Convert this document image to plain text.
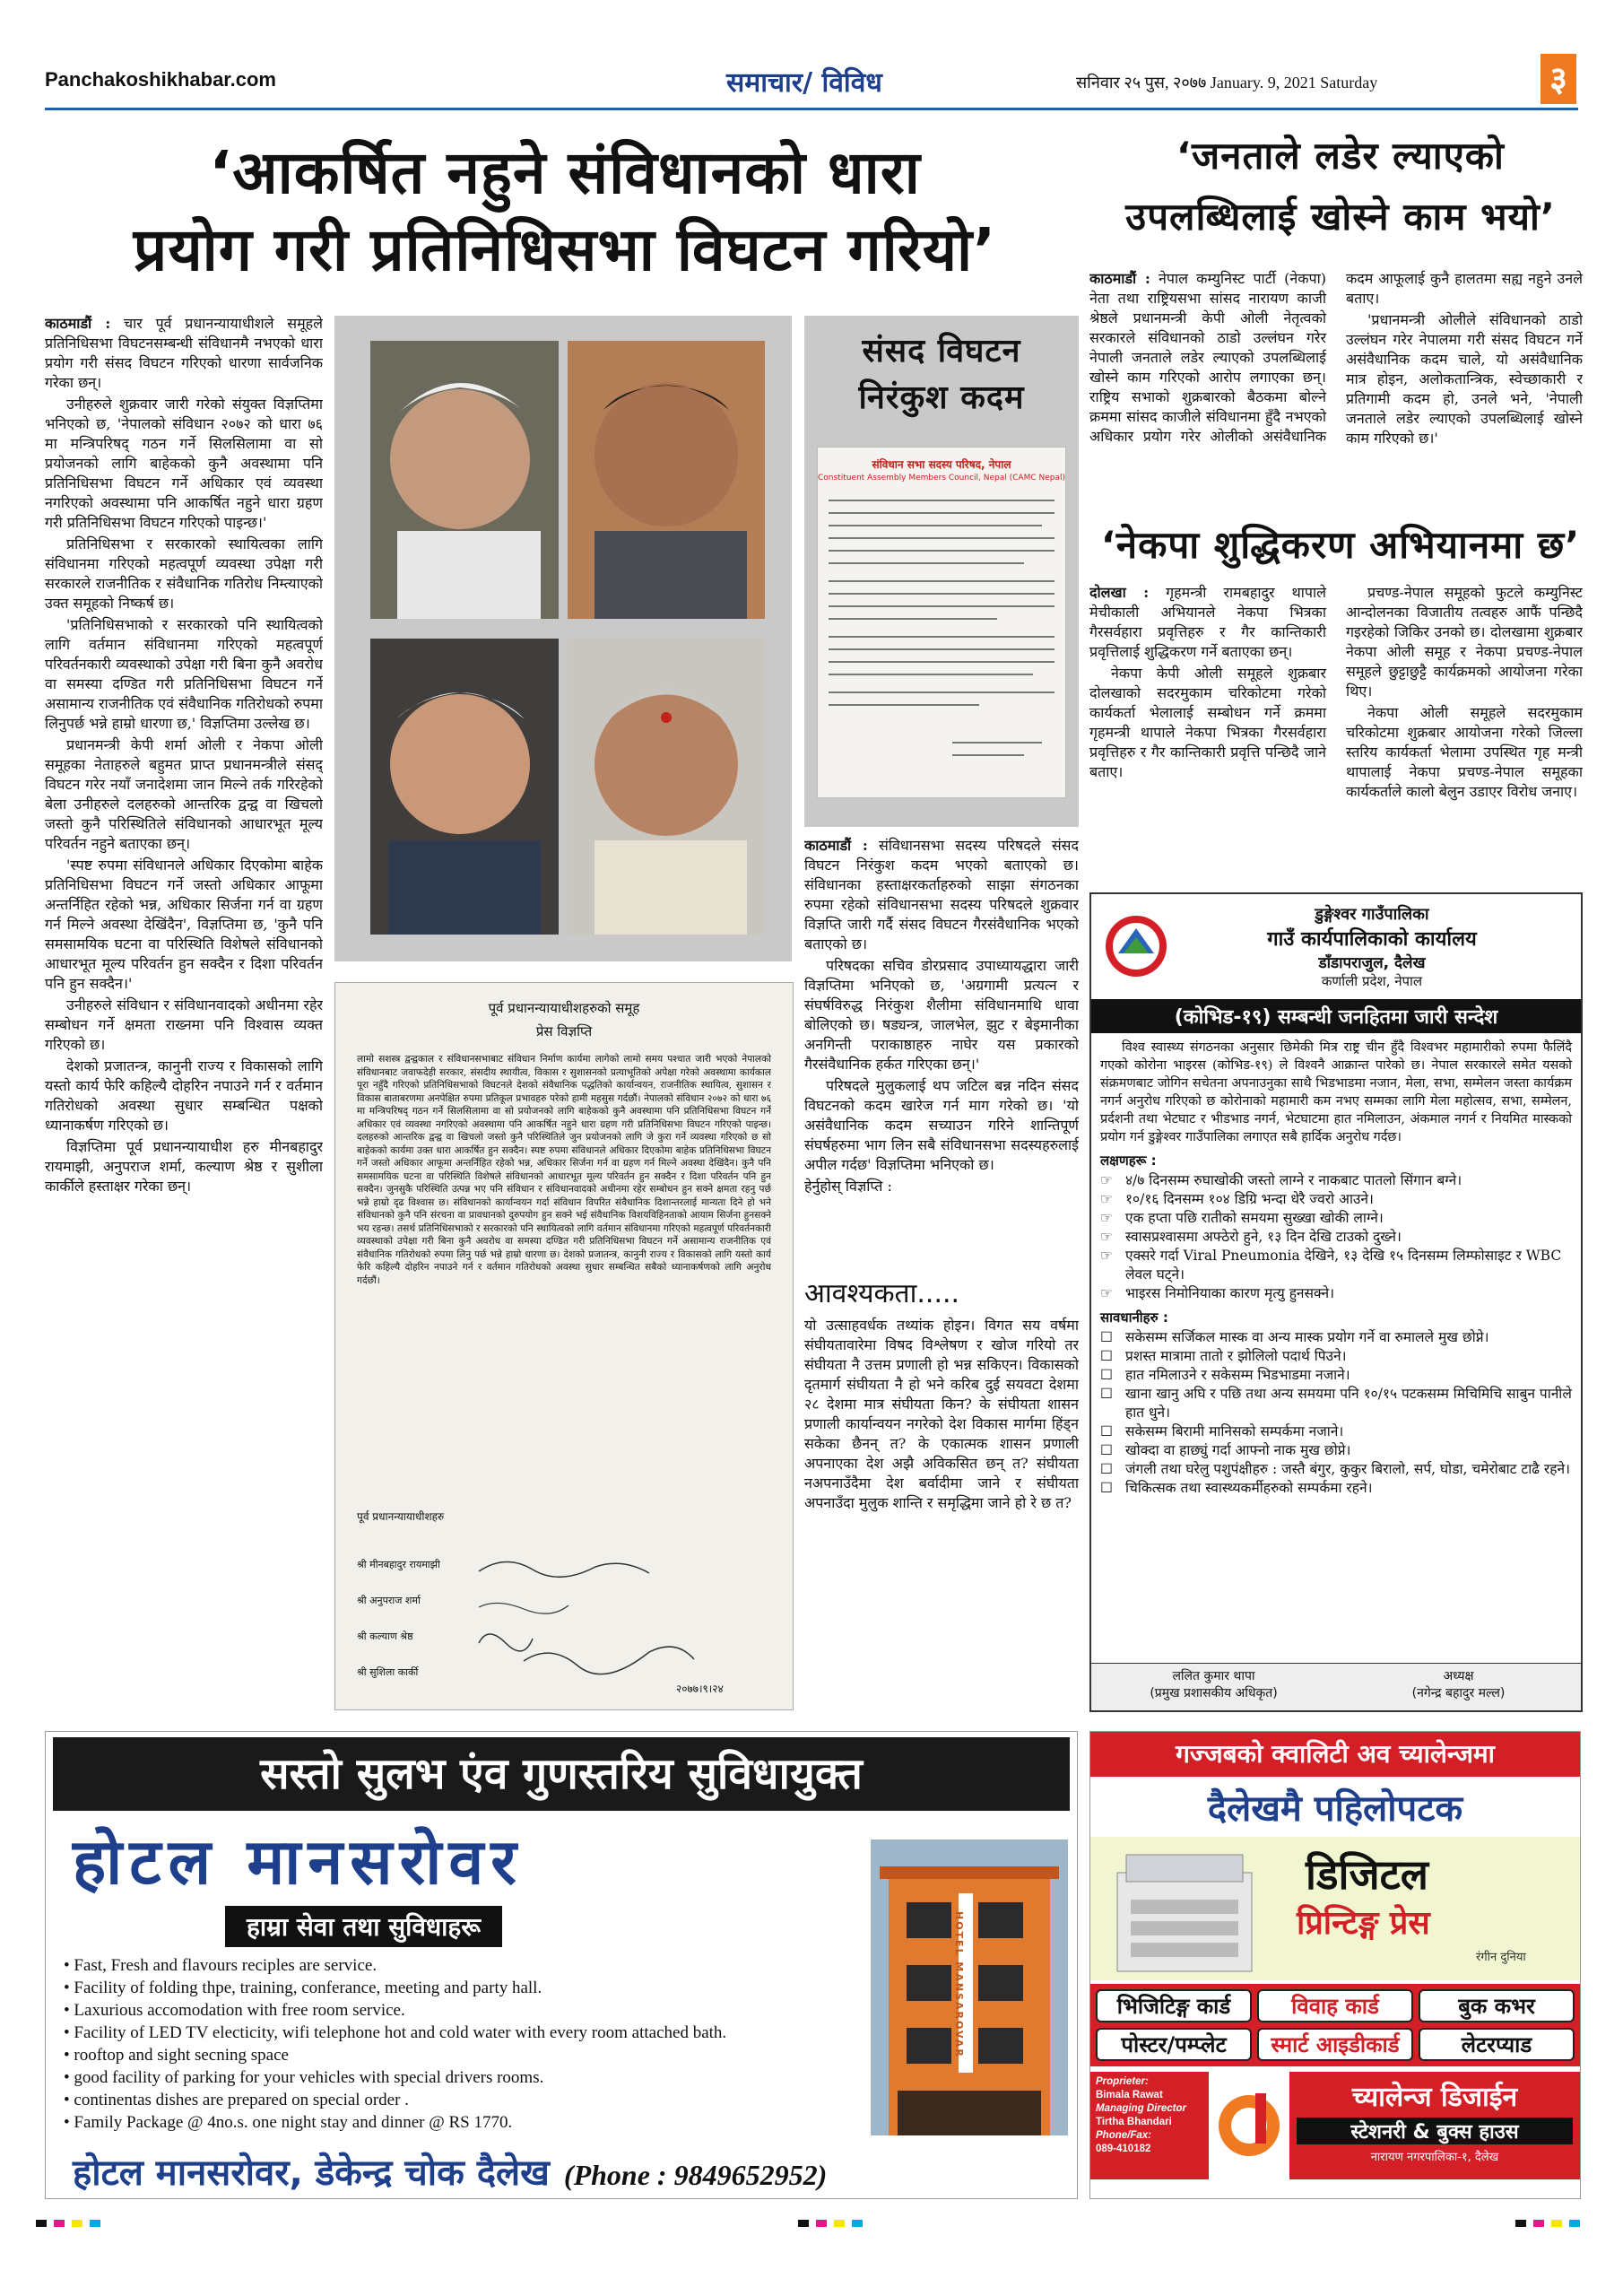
Panchakoshikhabar.com	समाचार/ विविध	सनिवार २५ पुस, २०७७ January. 9, 2021 Saturday	३
‘आकर्षित नहुने संविधानको धारा
प्रयोग गरी प्रतिनिधिसभा विघटन गरियो’

काठमाडौं : चार पूर्व प्रधानन्यायाधीशले समूहले प्रतिनिधिसभा विघटनसम्बन्धी संविधानमै नभएको धारा प्रयोग गरी संसद विघटन गरिएको धारणा सार्वजनिक गरेका छन्।

उनीहरुले शुक्रवार जारी गरेको संयुक्त विज्ञप्तिमा भनिएको छ, 'नेपालको संविधान २०७२ को धारा ७६ मा मन्त्रिपरिषद् गठन गर्ने सिलसिलामा वा सो प्रयोजनको लागि बाहेकको कुनै अवस्थामा पनि प्रतिनिधिसभा विघटन गर्ने अधिकार एवं व्यवस्था नगरिएको अवस्थामा पनि आकर्षित नहुने धारा ग्रहण गरी प्रतिनिधिसभा विघटन गरिएको पाइन्छ।'

प्रतिनिधिसभा र सरकारको स्थायित्वका लागि संविधानमा गरिएको महत्वपूर्ण व्यवस्था उपेक्षा गरी सरकारले राजनीतिक र संवैधानिक गतिरोध निम्त्याएको उक्त समूहको निष्कर्ष छ।

'प्रतिनिधिसभाको र सरकारको पनि स्थायित्वको लागि वर्तमान संविधानमा गरिएको महत्वपूर्ण परिवर्तनकारी व्यवस्थाको उपेक्षा गरी बिना कुनै अवरोध वा समस्या दण्डित गरी प्रतिनिधिसभा विघटन गर्ने असामान्य राजनीतिक एवं संवैधानिक गतिरोधको रुपमा लिनुपर्छ भन्ने हाम्रो धारणा छ,' विज्ञप्तिमा उल्लेख छ।

प्रधानमन्त्री केपी शर्मा ओली र नेकपा ओली समूहका नेताहरुले बहुमत प्राप्त प्रधानमन्त्रीले संसद् विघटन गरेर नयाँ जनादेशमा जान मिल्ने तर्क गरिरहेको बेला उनीहरुले दलहरुको आन्तरिक द्वन्द्व वा खिचलो जस्तो कुनै परिस्थितिले संविधानको आधारभूत मूल्य परिवर्तन नहुने बताएका छन्।

'स्पष्ट रुपमा संविधानले अधिकार दिएकोमा बाहेक प्रतिनिधिसभा विघटन गर्ने जस्तो अधिकार आफूमा अन्तर्निहित रहेको भन्न, अधिकार सिर्जना गर्न वा ग्रहण गर्न मिल्ने अवस्था देखिंदैन', विज्ञप्तिमा छ, 'कुनै पनि समसामयिक घटना वा परिस्थिति विशेषले संविधानको आधारभूत मूल्य परिवर्तन हुन सक्दैन र दिशा परिवर्तन पनि हुन सक्दैन।'

उनीहरुले संविधान र संविधानवादको अधीनमा रहेर सम्बोधन गर्ने क्षमता राख्नमा पनि विश्वास व्यक्त गरिएको छ।

देशको प्रजातन्त्र, कानुनी राज्य र विकासको लागि यस्तो कार्य फेरि कहिल्यै दोहरिन नपाउने गर्न र वर्तमान गतिरोधको अवस्था सुधार सम्बन्धित पक्षको ध्यानाकर्षण गरिएको छ।

विज्ञप्तिमा पूर्व प्रधानन्यायाधीश हरु मीनबहादुर रायमाझी, अनुपराज शर्मा, कल्याण श्रेष्ठ र सुशीला कार्कीले हस्ताक्षर गरेका छन्।

पूर्व प्रधानन्यायाधीशहरुको समूह
प्रेस विज्ञप्ति
लामो सशस्त्र द्वन्द्वकाल र संविधानसभाबाट संविधान निर्माण कार्यमा लागेको लामो समय पश्चात जारी भएको नेपालको संविधानबाट जवाफदेही सरकार, संसदीय स्थायीत्व, विकास र सुशासनको प्रत्याभूतिको अपेक्षा गरेको अवस्थामा कार्यकाल पूरा नहुँदै गरिएको प्रतिनिधिसभाको विघटनले देशको संवैधानिक पद्धतिको कार्यान्वयन, राजनीतिक स्थायित्व, सुशासन र विकास बाताबरणमा अनपेक्षित रुपमा प्रतिकूल प्रभावहरु परेको हामी महसुस गर्दछौं। नेपालको संविधान २०७२ को धारा ७६ मा मन्त्रिपरिषद् गठन गर्ने सिलसिलामा वा सो प्रयोजनको लागि बाहेकको कुनै अवस्थामा पनि प्रतिनिधिसभा विघटन गर्ने अधिकार एवं व्यवस्था नगरिएको अवस्थामा पनि आकर्षित नहुने धारा ग्रहण गरी प्रतिनिधिसभा विघटन गरिएको पाइन्छ। दलहरुको आन्तरिक द्वन्द्व वा खिचलो जस्तो कुनै परिस्थितिले जुन प्रयोजनको लागि जे कुरा गर्ने व्यवस्था गरिएको छ सो बाहेकको कार्यमा उक्त धारा आकर्षित हुन सक्दैन। स्पष्ट रुपमा संविधानले अधिकार दिएकोमा बाहेक प्रतिनिधिसभा विघटन गर्ने जस्तो अधिकार आफूमा अन्तर्निहित रहेको भन्न, अधिकार सिर्जना गर्न वा ग्रहण गर्न मिल्ने अवस्था देखिंदैन। कुनै पनि समसामयिक घटना वा परिस्थिति विशेषले संविधानको आधारभूत मूल्य परिवर्तन हुन सक्दैन र दिशा परिवर्तन पनि हुन सक्दैन। जुनसुकै परिस्थिति उत्पन्न भए पनि संविधान र संविधानवादको अधीनमा रहेर सम्बोधन हुन सक्ने क्षमता रहनु पर्छ भन्ने हाम्रो दृढ विश्वास छ। संविधानको कार्यान्वयन गर्दा संविधान विपरित संवैधानिक दिशान्तरलाई मान्यता दिने हो भने संविधानको कुनै पनि संरचना वा प्रावधानको दुरुपयोग हुन सक्ने भई संवैधानिक विशयविहिनताको आयाम सिर्जना हुनसक्ने भय रहन्छ। तसर्थ प्रतिनिधिसभाको र सरकारको पनि स्थायित्वको लागि वर्तमान संविधानमा गरिएको महत्वपूर्ण परिवर्तनकारी व्यवस्थाको उपेक्षा गरी बिना कुनै अवरोध वा समस्या दण्डित गरी प्रतिनिधिसभा विघटन गर्ने असामान्य राजनीतिक एवं संवैधानिक गतिरोधको रुपमा लिनु पर्छ भन्ने हाम्रो धारणा छ। देशको प्रजातन्त्र, कानुनी राज्य र विकासको लागि यस्तो कार्य फेरि कहिल्यै दोहरिन नपाउने गर्न र वर्तमान गतिरोधको अवस्था सुधार सम्बन्धित सबैको ध्यानाकर्षणको लागि अनुरोध गर्दछौं।
पूर्व प्रधानन्यायाधीशहरु
श्री मीनबहादुर रायमाझी
श्री अनुपराज शर्मा
श्री कल्याण श्रेष्ठ
श्री सुशिला कार्की
२०७७।९।२४
संसद विघटन
निरंकुश कदम
संविधान सभा सदस्य परिषद, नेपाल
Constituent Assembly Members Council, Nepal (CAMC Nepal)

काठमाडौं : संविधानसभा सदस्य परिषदले संसद विघटन निरंकुश कदम भएको बताएको छ। संविधानका हस्ताक्षरकर्ताहरुको साझा संगठनका रुपमा रहेको संविधानसभा सदस्य परिषदले शुक्रवार विज्ञप्ति जारी गर्दै संसद विघटन गैरसंवैधानिक भएको बताएको छ।

परिषदका सचिव डोरप्रसाद उपाध्यायद्धारा जारी विज्ञप्तिमा भनिएको छ, 'अग्रगामी प्रत्यत्न र संघर्षविरुद्ध निरंकुश शैलीमा संविधानमाथि धावा बोलिएको छ। षड्यन्त्र, जालभेल, झुट र बेइमानीका अनगिन्ती पराकाष्ठाहरु नाघेर यस प्रकारको गैरसंवैधानिक हर्कत गरिएका छन्।'

परिषदले मुलुकलाई थप जटिल बन्न नदिन संसद विघटनको कदम खारेज गर्न माग गरेको छ। 'यो असंवैधानिक कदम सच्याउन गरिने शान्तिपूर्ण संघर्षहरुमा भाग लिन सबै संविधानसभा सदस्यहरुलाई अपील गर्दछ' विज्ञप्तिमा भनिएको छ।

हेर्नुहोस् विज्ञप्ति :

आवश्यकता.....
यो उत्साहवर्धक तथ्यांक होइन। विगत सय वर्षमा संघीयतावारेमा विषद विश्लेषण र खोज गरियो तर संघीयता नै उत्तम प्रणाली हो भन्न सकिएन। विकासको दृतमार्ग संघीयता नै हो भने करिब दुई सयवटा देशमा २८ देशमा मात्र संघीयता किन? के संघीयता शासन प्रणाली कार्यान्वयन नगरेको देश विकास मार्गमा हिंड्न सकेका छैनन् त? के एकात्मक शासन प्रणाली अपनाएका देश अझै अविकसित छन् त? संघीयता नअपनाउँदैमा देश बर्वादीमा जाने र संघीयता अपनाउँदा मुलुक शान्ति र समृद्धिमा जाने हो रे छ त?
‘जनताले लडेर ल्याएको
उपलब्धिलाई खोस्ने काम भयो’

काठमाडौं : नेपाल कम्युनिस्ट पार्टी (नेकपा) नेता तथा राष्ट्रियसभा सांसद नारायण काजी श्रेष्ठले प्रधानमन्त्री केपी ओली नेतृत्वको सरकारले संविधानको ठाडो उल्लंघन गरेर नेपाली जनताले लडेर ल्याएको उपलब्धिलाई खोस्ने काम गरिएको आरोप लगाएका छन्। राष्ट्रिय सभाको शुक्रबारको बैठकमा बोल्ने क्रममा सांसद काजीले संविधानमा हुँदै नभएको अधिकार प्रयोग गरेर ओलीको असंवैधानिक कदम आफूलाई कुनै हालतमा सह्य नहुने उनले बताए।

'प्रधानमन्त्री ओलीले संविधानको ठाडो उल्लंघन गरेर नेपालमा गरी संसद विघटन गर्ने असंवैधानिक कदम चाले, यो असंवैधानिक मात्र होइन, अलोकतान्त्रिक, स्वेच्छाकारी र प्रतिगामी कदम हो, उनले भने, 'नेपाली जनताले लडेर ल्याएको उपलब्धिलाई खोस्ने काम गरिएको छ।'

‘नेकपा शुद्धिकरण अभियानमा छ’

दोलखा : गृहमन्त्री रामबहादुर थापाले मेचीकाली अभियानले नेकपा भित्रका गैरसर्वहारा प्रवृत्तिहरु र गैर कान्तिकारी प्रवृत्तिलाई शुद्धिकरण गर्ने बताएका छन्।

नेकपा केपी ओली समूहले शुक्रबार दोलखाको सदरमुकाम चरिकोटमा गरेको कार्यकर्ता भेलालाई सम्बोधन गर्ने क्रममा गृहमन्त्री थापाले नेकपा भित्रका गैरसर्वहारा प्रवृत्तिहरु र गैर कान्तिकारी प्रवृत्ति पन्छिदै जाने बताए।

प्रचण्ड-नेपाल समूहको फुटले कम्युनिस्ट आन्दोलनका विजातीय तत्वहरु आफैं पन्छिदै गइरहेको जिकिर उनको छ। दोलखामा शुक्रबार नेकपा ओली समूह र नेकपा प्रचण्ड-नेपाल समूहले छुट्टाछुट्टै कार्यक्रमको आयोजना गरेका थिए।

नेकपा ओली समूहले सदरमुकाम चरिकोटमा शुक्रबार आयोजना गरेको जिल्ला स्तरिय कार्यकर्ता भेलामा उपस्थित गृह मन्त्री थापालाई नेकपा प्रचण्ड-नेपाल समूहका कार्यकर्ताले कालो बेलुन उडाएर विरोध जनाए।

डुङ्गेश्वर गाउँपालिका
गाउँ कार्यपालिकाको कार्यालय
डाँडापराजुल, दैलेख
कर्णाली प्रदेश, नेपाल
(कोभिड-१९) सम्बन्धी जनहितमा जारी सन्देश
विश्व स्वास्थ्य संगठनका अनुसार छिमेकी मित्र राष्ट्र चीन हुँदै विश्वभर महामारीको रुपमा फैलिंदै गएको कोरोना भाइरस (कोभिड-१९) ले विश्वनै आक्रान्त पारेको छ। नेपाल सरकारले समेत यसको संक्रमणबाट जोगिन सचेतना अपनाउनुका साथै भिडभाडमा नजान, मेला, सभा, सम्मेलन जस्ता कार्यक्रम नगर्न अनुरोध गरिएको छ कोरोनाको महामारी कम नभए सम्मका लागि मेला महोत्सव, सभा, सम्मेलन, प्रर्दशनी तथा भेटघाट र भीडभाड नगर्न, भेटघाटमा हात नमिलाउन, अंकमाल नगर्न र नियमित मास्कको प्रयोग गर्न डुङ्गेश्वर गाउँपालिका लगाएत सबै हार्दिक अनुरोध गर्दछ।
लक्षणहरू :
☞ ४/७ दिनसम्म रुघाखोकी जस्तो लाग्ने र नाकबाट पातलो सिंगान बग्ने।
☞ १०/१६ दिनसम्म १०४ डिग्रि भन्दा धेरै ज्वरो आउने।
☞ एक हप्ता पछि रातीको समयमा सुख्खा खोकी लाग्ने।
☞ स्वासप्रश्वासमा अफ्ठेरो हुने, १३ दिन देखि टाउको दुख्ने।
☞ एक्सरे गर्दा Viral Pneumonia देखिने, १३ देखि १५ दिनसम्म लिम्फोसाइट र WBC लेवल घट्ने।
☞ भाइरस निमोनियाका कारण मृत्यु हुनसक्ने।
सावधानीहरु :
☐ सकेसम्म सर्जिकल मास्क वा अन्य मास्क प्रयोग गर्ने वा रुमालले मुख छोप्ने।
☐ प्रशस्त मात्रामा तातो र झोलिलो पदार्थ पिउने।
☐ हात नमिलाउने र सकेसम्म भिडभाडमा नजाने।
☐ खाना खानु अघि र पछि तथा अन्य समयमा पनि १०/१५ पटकसम्म मिचिमिचि साबुन पानीले हात धुने।
☐ सकेसम्म बिरामी मानिसको सम्पर्कमा नजाने।
☐ खोक्दा वा हाछ्युं गर्दा आफ्नो नाक मुख छोप्ने।
☐ जंगली तथा घरेलु पशुपंक्षीहरु : जस्तै बंगुर, कुकुर बिरालो, सर्प, घोडा, चमेरोबाट टाढै रहने।
☐ चिकित्सक तथा स्वास्थ्यकर्मीहरुको सम्पर्कमा रहने।
ललित कुमार थापा
(प्रमुख प्रशासकीय अधिकृत)
अध्यक्ष
(नगेन्द्र बहादुर मल्ल)
सस्तो सुलभ एंव गुणस्तरिय सुविधायुक्त
होटल मानसरोवर
हाम्रा सेवा तथा सुविधाहरू
• Fast, Fresh and flavours reciples are service.
• Facility of folding thpe, training, conferance, meeting and party hall.
• Laxurious accomodation with free room service.
• Facility of LED TV electicity, wifi telephone hot and cold water with every room attached bath.
• rooftop and sight secning space
• good facility of parking for your vehicles with special drivers rooms.
• continentas dishes are prepared on special order .
• Family Package @ 4no.s. one night stay and dinner @ RS 1770.
HOTEL MANSAROVAR
होटल मानसरोवर, डेकेन्द्र चोक दैलेख (Phone : 9849652952)
गज्जबको क्वालिटी अव च्यालेन्जमा
दैलेखमै पहिलोपटक
डिजिटल
प्रिन्टिङ्ग प्रेस
रंगीन दुनिया
भिजिटिङ्ग कार्ड	विवाह कार्ड	बुक कभर
पोस्टर/पम्प्लेट	स्मार्ट आइडीकार्ड	लेटरप्याड
Proprieter:
Bimala Rawat
Managing Director
Tirtha Bhandari
Phone/Fax:
089-410182
च्यालेन्ज डिजाईन
स्टेशनरी & बुक्स हाउस
नारायण नगरपालिका-१, दैलेख
